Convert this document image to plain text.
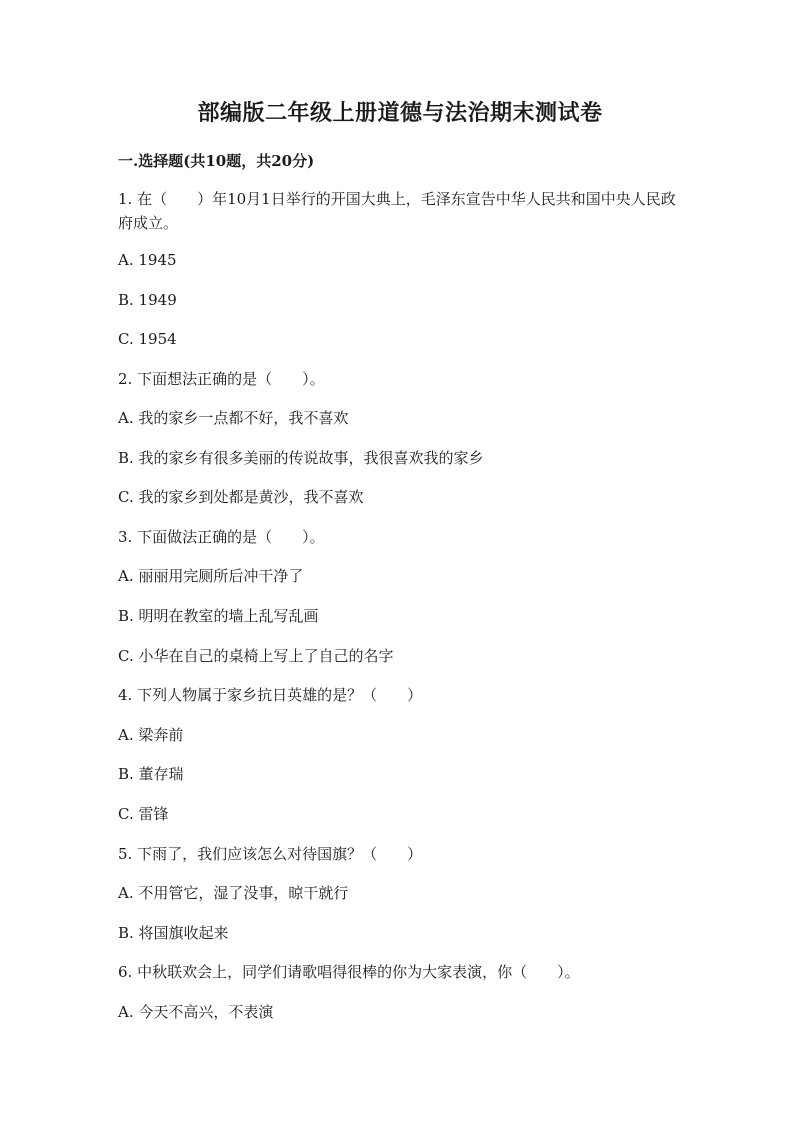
部编版二年级上册道德与法治期末测试卷
一.选择题(共10题，共20分)
1. 在（　　）年10月1日举行的开国大典上，毛泽东宣告中华人民共和国中央人民政府成立。
A. 1945
B. 1949
C. 1954
2. 下面想法正确的是（　　）。
A. 我的家乡一点都不好，我不喜欢
B. 我的家乡有很多美丽的传说故事，我很喜欢我的家乡
C. 我的家乡到处都是黄沙，我不喜欢
3. 下面做法正确的是（　　）。
A. 丽丽用完厕所后冲干净了
B. 明明在教室的墙上乱写乱画
C. 小华在自己的桌椅上写上了自己的名字
4. 下列人物属于家乡抗日英雄的是？（　　）
A. 梁奔前
B. 董存瑞
C. 雷锋
5. 下雨了，我们应该怎么对待国旗？（　　）
A. 不用管它，湿了没事，晾干就行
B. 将国旗收起来
6. 中秋联欢会上，同学们请歌唱得很棒的你为大家表演，你（　　）。
A. 今天不高兴，不表演
